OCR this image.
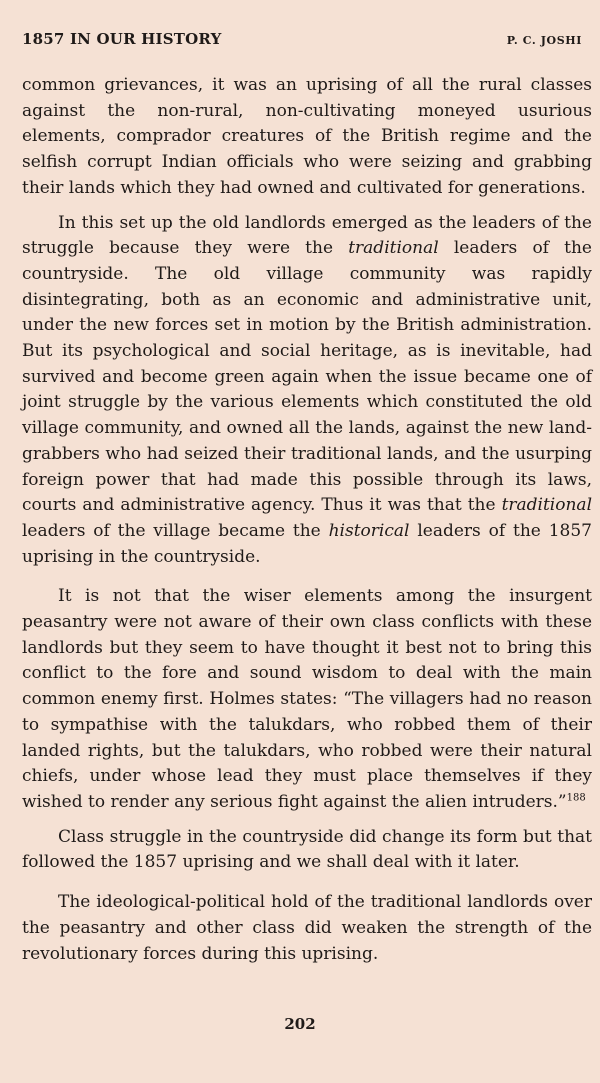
1857 IN OUR HISTORY	P. C. JOSHI

common grievances, it was an uprising of all the rural classes against the non-rural, non-cultivating moneyed usurious elements, comprador creatures of the British regime and the selfish corrupt Indian officials who were seizing and grabbing their lands which they had owned and cultivated for generations.

In this set up the old landlords emerged as the leaders of the struggle because they were the traditional leaders of the countryside. The old village community was rapidly disintegrating, both as an economic and administrative unit, under the new forces set in motion by the British administration. But its psychological and social heritage, as is inevitable, had survived and become green again when the issue became one of joint struggle by the various elements which constituted the old village community, and owned all the lands, against the new land-grabbers who had seized their traditional lands, and the usurping foreign power that had made this possible through its laws, courts and administrative agency. Thus it was that the traditional leaders of the village became the historical leaders of the 1857 uprising in the countryside.

It is not that the wiser elements among the insurgent peasantry were not aware of their own class conflicts with these landlords but they seem to have thought it best not to bring this conflict to the fore and sound wisdom to deal with the main common enemy first. Holmes states: “The villagers had no reason to sympathise with the talukdars, who robbed them of their landed rights, but the talukdars, who robbed were their natural chiefs, under whose lead they must place themselves if they wished to render any serious fight against the alien intruders.”$^{188}$

Class struggle in the countryside did change its form but that followed the 1857 uprising and we shall deal with it later.

The ideological-political hold of the traditional landlords over the peasantry and other class did weaken the strength of the revolutionary forces during this uprising.

202
